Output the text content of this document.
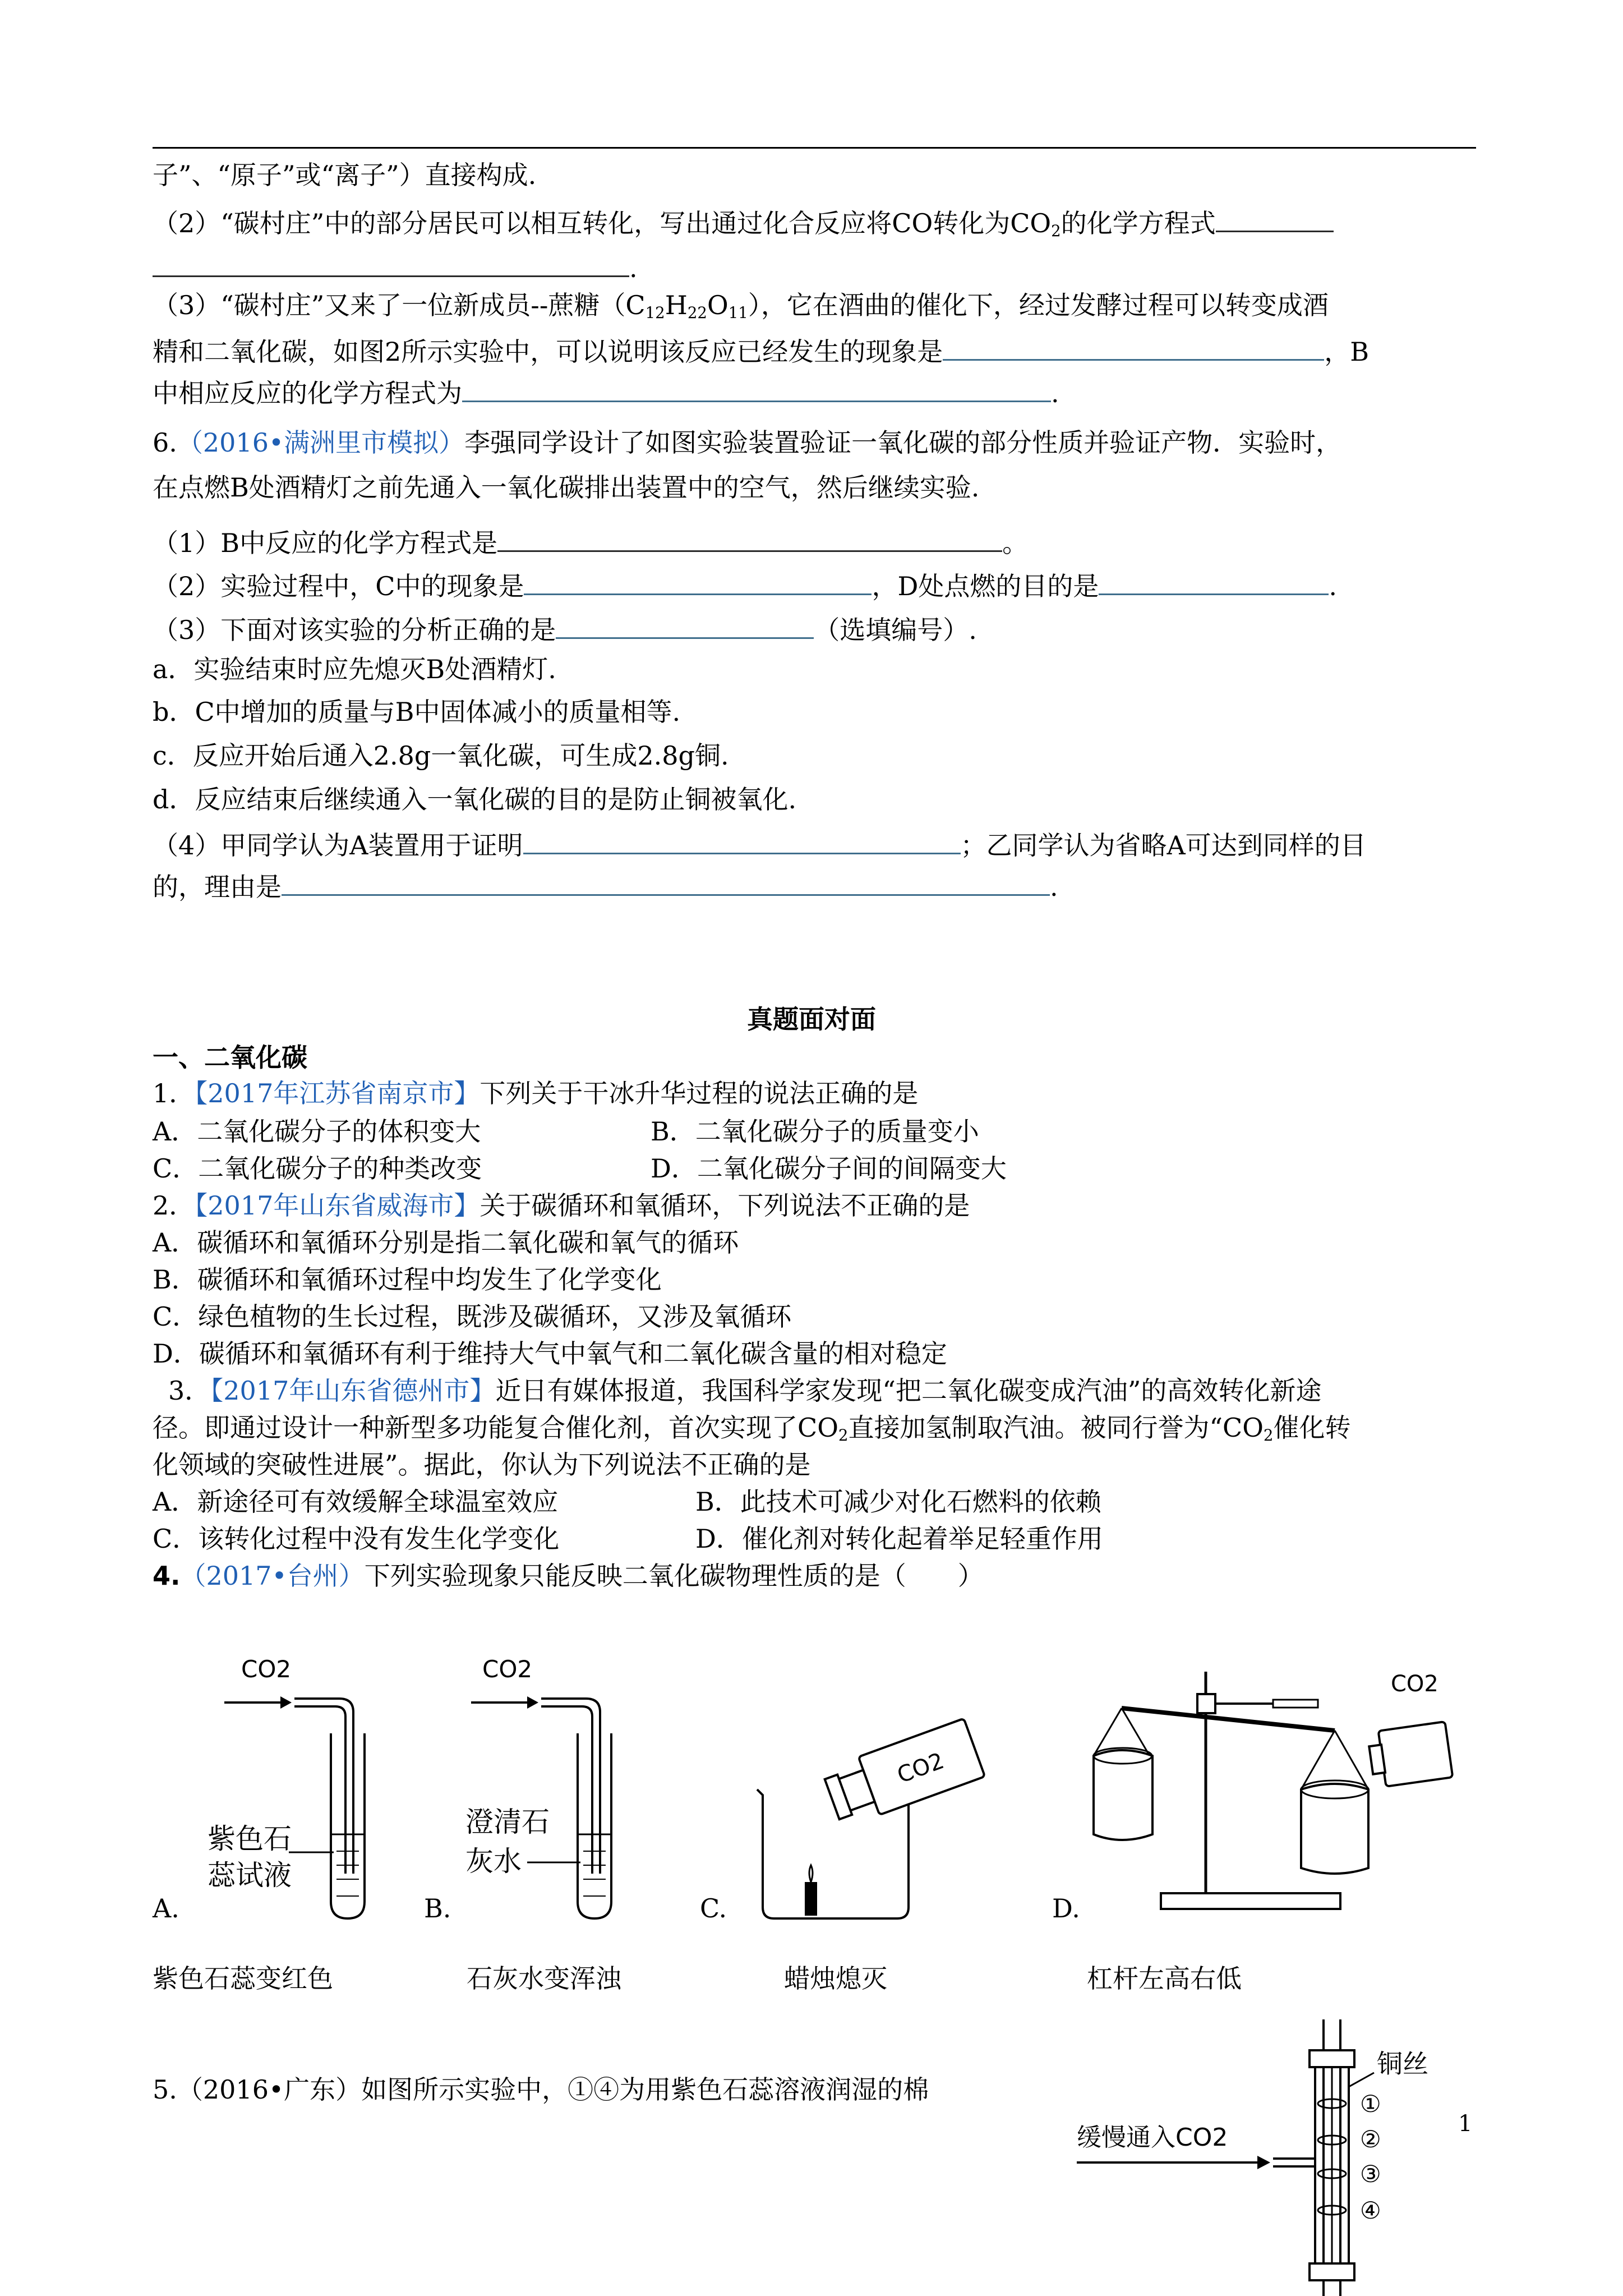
子”、“原子”或“离子”）直接构成.
（2）“碳村庄”中的部分居民可以相互转化，写出通过化合反应将CO转化为$CO_2$的化学方程式
.
（3）“碳村庄”又来了一位新成员--蔗糖$(C_{12}H_{22}O_{11})$，它在酒曲的催化下，经过发酵过程可以转变成酒
精和二氧化碳，如图2所示实验中，可以说明该反应已经发生的现象是	，B
中相应反应的化学方程式为	.
6.（2016•满洲里市模拟）李强同学设计了如图实验装置验证一氧化碳的部分性质并验证产物．实验时，
在点燃B处酒精灯之前先通入一氧化碳排出装置中的空气，然后继续实验.
（1）B中反应的化学方程式是	。
（2）实验过程中，C中的现象是	，D处点燃的目的是	.
（3）下面对该实验的分析正确的是	（选填编号）.
a．实验结束时应先熄灭B处酒精灯.
b．C中增加的质量与B中固体减小的质量相等.
c．反应开始后通入2.8g一氧化碳，可生成2.8g铜.
d．反应结束后继续通入一氧化碳的目的是防止铜被氧化.
（4）甲同学认为A装置用于证明	；乙同学认为省略A可达到同样的目
的，理由是	.
真题面对面
一、二氧化碳
1．【2017年江苏省南京市】下列关于干冰升华过程的说法正确的是
A．二氧化碳分子的体积变大	B．二氧化碳分子的质量变小
C．二氧化碳分子的种类改变	D．二氧化碳分子间的间隔变大
2．【2017年山东省威海市】关于碳循环和氧循环，下列说法不正确的是
A．碳循环和氧循环分别是指二氧化碳和氧气的循环
B．碳循环和氧循环过程中均发生了化学变化
C．绿色植物的生长过程，既涉及碳循环，又涉及氧循环
D．碳循环和氧循环有利于维持大气中氧气和二氧化碳含量的相对稳定
3．【2017年山东省德州市】近日有媒体报道，我国科学家发现“把二氧化碳变成汽油”的高效转化新途
径。即通过设计一种新型多功能复合催化剂，首次实现了$CO_2$直接加氢制取汽油。被同行誉为“$CO_2$催化转
化领域的突破性进展”。据此，你认为下列说法不正确的是
A．新途径可有效缓解全球温室效应	B．此技术可减少对化石燃料的依赖
C．该转化过程中没有发生化学变化	D．催化剂对转化起着举足轻重作用
4.（2017•台州）下列实验现象只能反映二氧化碳物理性质的是（　　）
CO2
紫色石
蕊试液
CO2
澄清石
灰水
CO2
CO2
A.	B.	C.	D.
紫色石蕊变红色	石灰水变浑浊	蜡烛熄灭	杠杆左高右低
5.（2016•广东）如图所示实验中，①④为用紫色石蕊溶液润湿的棉
缓慢通入CO2
①
②
③
④
铜丝
1
